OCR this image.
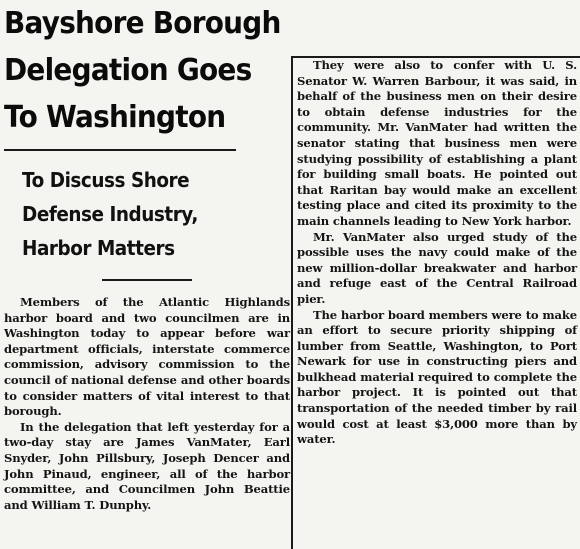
Bayshore Borough
Delegation Goes
To Washington
To Discuss Shore
Defense Industry,
Harbor Matters

Members of the Atlantic Highlands harbor board and two councilmen are in Washington today to appear before war department officials, interstate commerce commission, advisory commission to the council of national defense and other boards to consider matters of vital interest to that borough.

In the delegation that left yesterday for a two-day stay are James VanMater, Earl Snyder, John Pillsbury, Joseph Dencer and John Pinaud, engineer, all of the harbor committee, and Councilmen John Beattie and William T. Dunphy.

They were also to confer with U. S. Senator W. Warren Barbour, it was said, in behalf of the business men on their desire to obtain defense industries for the community. Mr. VanMater had written the senator stating that business men were studying possibility of establishing a plant for building small boats. He pointed out that Raritan bay would make an excellent testing place and cited its proximity to the main channels leading to New York harbor.

Mr. VanMater also urged study of the possible uses the navy could make of the new million-dollar breakwater and harbor and refuge east of the Central Railroad pier.

The harbor board members were to make an effort to secure priority shipping of lumber from Seattle, Washington, to Port Newark for use in constructing piers and bulkhead material required to complete the harbor project. It is pointed out that transportation of the needed timber by rail would cost at least $3,000 more than by water.
